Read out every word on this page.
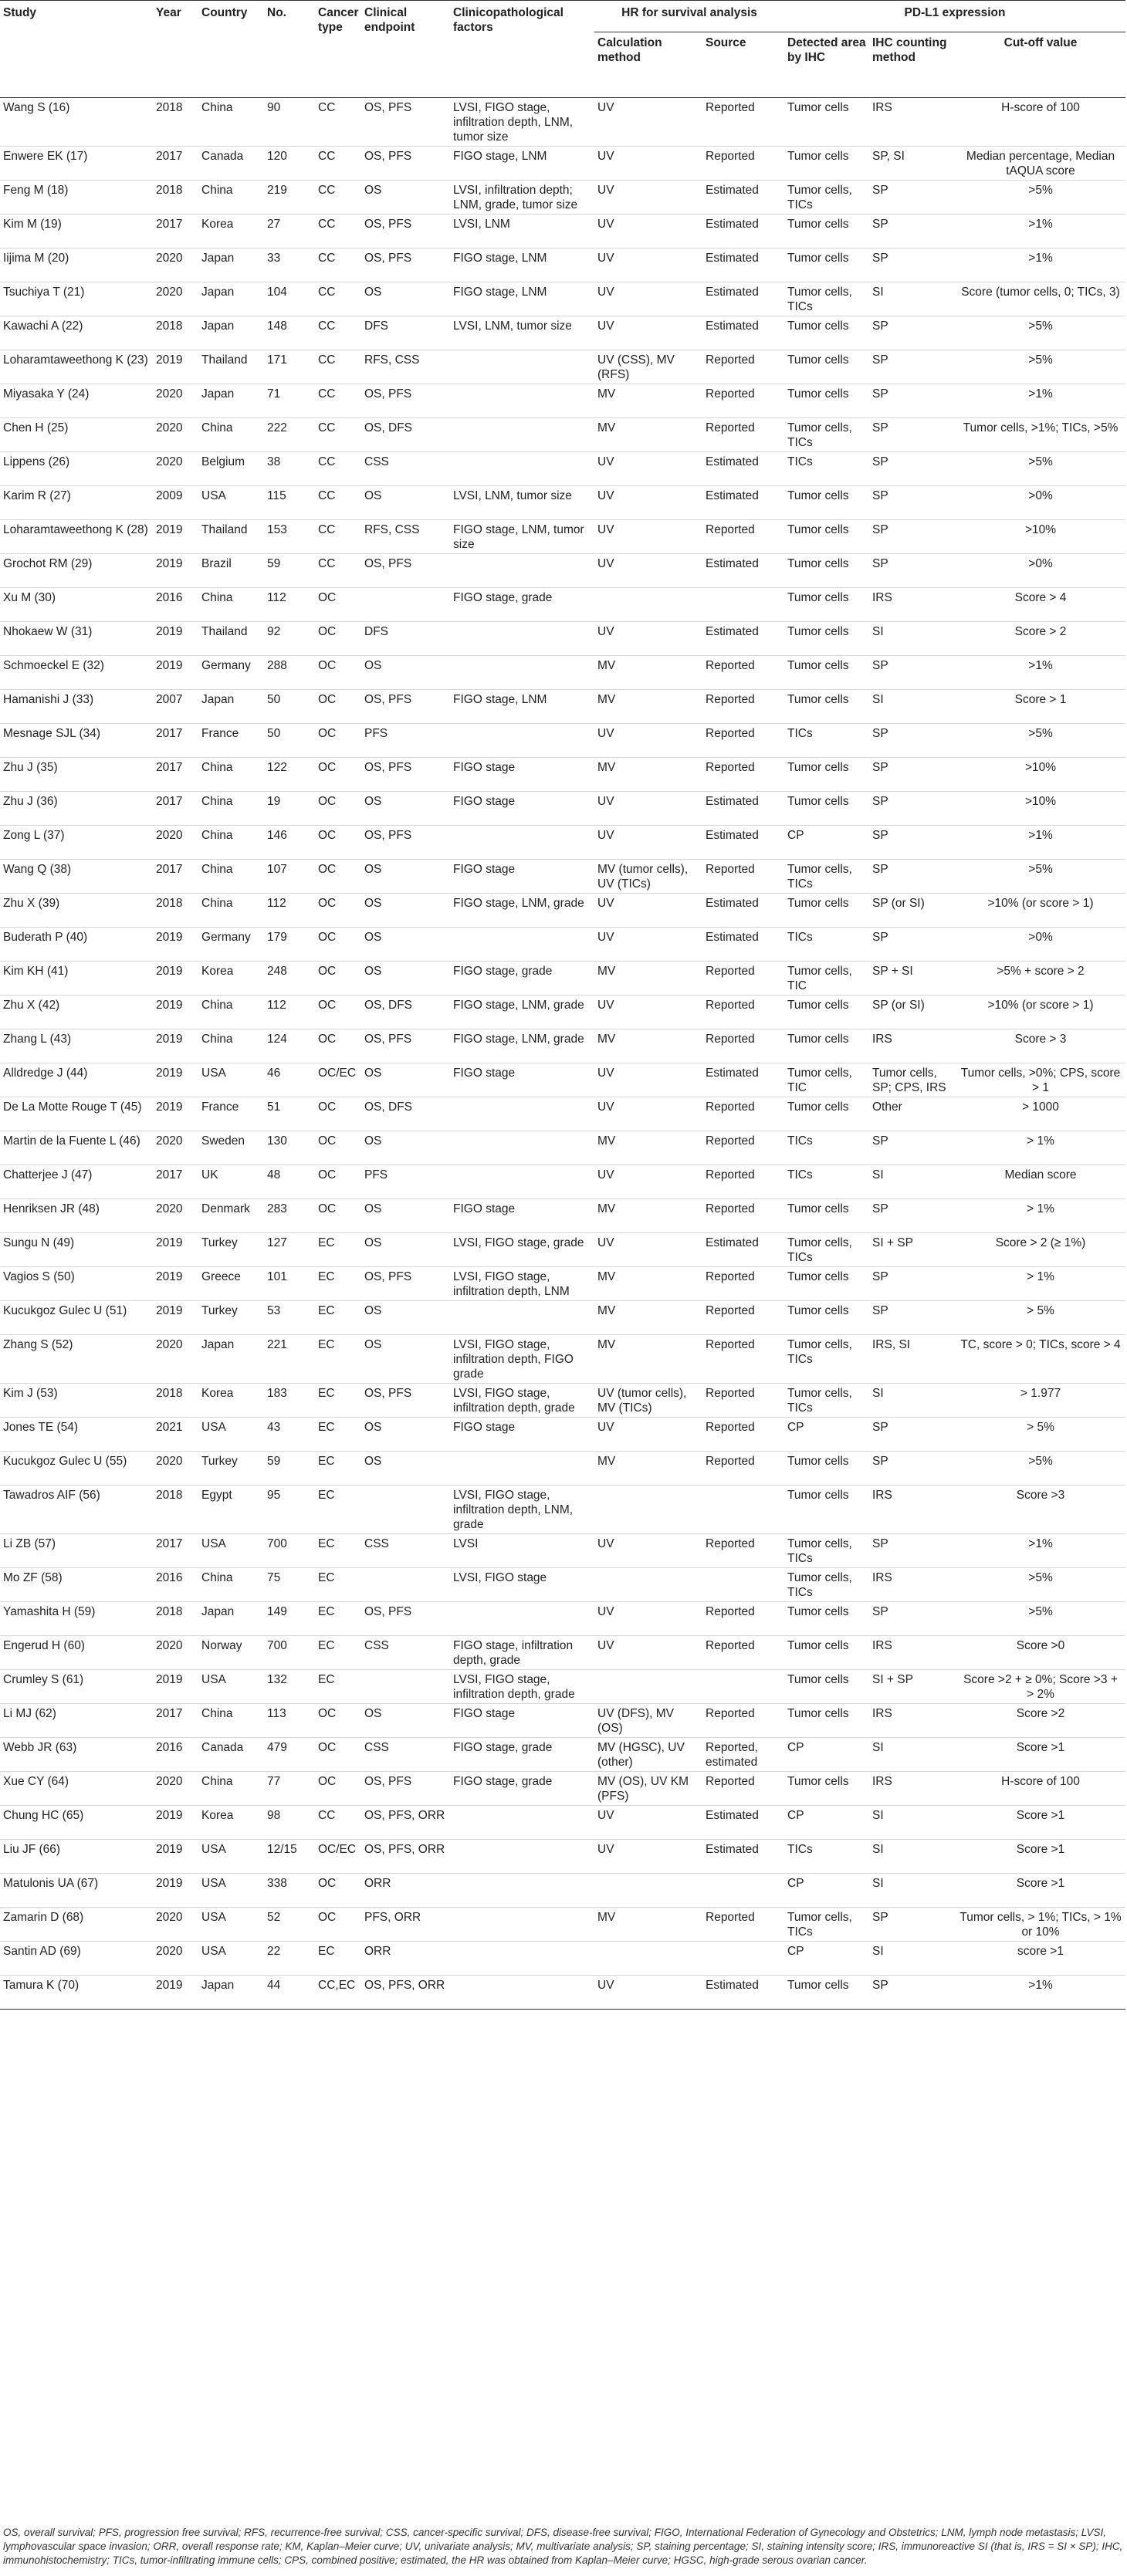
Study	Year	Country	No.	Cancer type	Clinical endpoint	Clinicopathological factors	HR for survival analysis		PD-L1 expression		
							Calculation method	Source	Detected area by IHC	IHC counting method	Cut-off value
Wang S (16)	2018	China	90	CC	OS, PFS	LVSI, FIGO stage, infiltration depth, LNM, tumor size	UV	Reported	Tumor cells	IRS	H-score of 100
Enwere EK (17)	2017	Canada	120	CC	OS, PFS	FIGO stage, LNM	UV	Reported	Tumor cells	SP, SI	Median percentage, Median tAQUA score
Feng M (18)	2018	China	219	CC	OS	LVSI, infiltration depth; LNM, grade, tumor size	UV	Estimated	Tumor cells, TICs	SP	>5%
Kim M (19)	2017	Korea	27	CC	OS, PFS	LVSI, LNM	UV	Estimated	Tumor cells	SP	>1%
Iijima M (20)	2020	Japan	33	CC	OS, PFS	FIGO stage, LNM	UV	Estimated	Tumor cells	SP	>1%
Tsuchiya T (21)	2020	Japan	104	CC	OS	FIGO stage, LNM	UV	Estimated	Tumor cells, TICs	SI	Score (tumor cells, 0; TICs, 3)
Kawachi A (22)	2018	Japan	148	CC	DFS	LVSI, LNM, tumor size	UV	Estimated	Tumor cells	SP	>5%
Loharamtaweethong K (23)	2019	Thailand	171	CC	RFS, CSS		UV (CSS), MV (RFS)	Reported	Tumor cells	SP	>5%
Miyasaka Y (24)	2020	Japan	71	CC	OS, PFS		MV	Reported	Tumor cells	SP	>1%
Chen H (25)	2020	China	222	CC	OS, DFS		MV	Reported	Tumor cells, TICs	SP	Tumor cells, >1%; TICs, >5%
Lippens (26)	2020	Belgium	38	CC	CSS		UV	Estimated	TICs	SP	>5%
Karim R (27)	2009	USA	115	CC	OS	LVSI, LNM, tumor size	UV	Estimated	Tumor cells	SP	>0%
Loharamtaweethong K (28)	2019	Thailand	153	CC	RFS, CSS	FIGO stage, LNM, tumor size	UV	Reported	Tumor cells	SP	>10%
Grochot RM (29)	2019	Brazil	59	CC	OS, PFS		UV	Estimated	Tumor cells	SP	>0%
Xu M (30)	2016	China	112	OC		FIGO stage, grade			Tumor cells	IRS	Score > 4
Nhokaew W (31)	2019	Thailand	92	OC	DFS		UV	Estimated	Tumor cells	SI	Score > 2
Schmoeckel E (32)	2019	Germany	288	OC	OS		MV	Reported	Tumor cells	SP	>1%
Hamanishi J (33)	2007	Japan	50	OC	OS, PFS	FIGO stage, LNM	MV	Reported	Tumor cells	SI	Score > 1
Mesnage SJL (34)	2017	France	50	OC	PFS		UV	Reported	TICs	SP	>5%
Zhu J (35)	2017	China	122	OC	OS, PFS	FIGO stage	MV	Reported	Tumor cells	SP	>10%
Zhu J (36)	2017	China	19	OC	OS	FIGO stage	UV	Estimated	Tumor cells	SP	>10%
Zong L (37)	2020	China	146	OC	OS, PFS		UV	Estimated	CP	SP	>1%
Wang Q (38)	2017	China	107	OC	OS	FIGO stage	MV (tumor cells), UV (TICs)	Reported	Tumor cells, TICs	SP	>5%
Zhu X (39)	2018	China	112	OC	OS	FIGO stage, LNM, grade	UV	Estimated	Tumor cells	SP (or SI)	>10% (or score > 1)
Buderath P (40)	2019	Germany	179	OC	OS		UV	Estimated	TICs	SP	>0%
Kim KH (41)	2019	Korea	248	OC	OS	FIGO stage, grade	MV	Reported	Tumor cells, TIC	SP + SI	>5% + score > 2
Zhu X (42)	2019	China	112	OC	OS, DFS	FIGO stage, LNM, grade	UV	Reported	Tumor cells	SP (or SI)	>10% (or score > 1)
Zhang L (43)	2019	China	124	OC	OS, PFS	FIGO stage, LNM, grade	MV	Reported	Tumor cells	IRS	Score > 3
Alldredge J (44)	2019	USA	46	OC/EC	OS	FIGO stage	UV	Estimated	Tumor cells, TIC	Tumor cells, SP; CPS, IRS	Tumor cells, >0%; CPS, score > 1
De La Motte Rouge T (45)	2019	France	51	OC	OS, DFS		UV	Reported	Tumor cells	Other	> 1000
Martin de la Fuente L (46)	2020	Sweden	130	OC	OS		MV	Reported	TICs	SP	> 1%
Chatterjee J (47)	2017	UK	48	OC	PFS		UV	Reported	TICs	SI	Median score
Henriksen JR (48)	2020	Denmark	283	OC	OS	FIGO stage	MV	Reported	Tumor cells	SP	> 1%
Sungu N (49)	2019	Turkey	127	EC	OS	LVSI, FIGO stage, grade	UV	Estimated	Tumor cells, TICs	SI + SP	Score > 2 (≥ 1%)
Vagios S (50)	2019	Greece	101	EC	OS, PFS	LVSI, FIGO stage, infiltration depth, LNM	MV	Reported	Tumor cells	SP	> 1%
Kucukgoz Gulec U (51)	2019	Turkey	53	EC	OS		MV	Reported	Tumor cells	SP	> 5%
Zhang S (52)	2020	Japan	221	EC	OS	LVSI, FIGO stage, infiltration depth, FIGO grade	MV	Reported	Tumor cells, TICs	IRS, SI	TC, score > 0; TICs, score > 4
Kim J (53)	2018	Korea	183	EC	OS, PFS	LVSI, FIGO stage, infiltration depth, grade	UV (tumor cells), MV (TICs)	Reported	Tumor cells, TICs	SI	> 1.977
Jones TE (54)	2021	USA	43	EC	OS	FIGO stage	UV	Reported	CP	SP	> 5%
Kucukgoz Gulec U (55)	2020	Turkey	59	EC	OS		MV	Reported	Tumor cells	SP	>5%
Tawadros AIF (56)	2018	Egypt	95	EC		LVSI, FIGO stage, infiltration depth, LNM, grade			Tumor cells	IRS	Score >3
Li ZB (57)	2017	USA	700	EC	CSS	LVSI	UV	Reported	Tumor cells, TICs	SP	>1%
Mo ZF (58)	2016	China	75	EC		LVSI, FIGO stage			Tumor cells, TICs	IRS	>5%
Yamashita H (59)	2018	Japan	149	EC	OS, PFS		UV	Reported	Tumor cells	SP	>5%
Engerud H (60)	2020	Norway	700	EC	CSS	FIGO stage, infiltration depth, grade	UV	Reported	Tumor cells	IRS	Score >0
Crumley S (61)	2019	USA	132	EC		LVSI, FIGO stage, infiltration depth, grade			Tumor cells	SI + SP	Score >2 + ≥ 0%; Score >3 + > 2%
Li MJ (62)	2017	China	113	OC	OS	FIGO stage	UV (DFS), MV (OS)	Reported	Tumor cells	IRS	Score >2
Webb JR (63)	2016	Canada	479	OC	CSS	FIGO stage, grade	MV (HGSC), UV (other)	Reported, estimated	CP	SI	Score >1
Xue CY (64)	2020	China	77	OC	OS, PFS	FIGO stage, grade	MV (OS), UV KM (PFS)	Reported	Tumor cells	IRS	H-score of 100
Chung HC (65)	2019	Korea	98	CC	OS, PFS, ORR		UV	Estimated	CP	SI	Score >1
Liu JF (66)	2019	USA	12/15	OC/EC	OS, PFS, ORR		UV	Estimated	TICs	SI	Score >1
Matulonis UA (67)	2019	USA	338	OC	ORR				CP	SI	Score >1
Zamarin D (68)	2020	USA	52	OC	PFS, ORR		MV	Reported	Tumor cells, TICs	SP	Tumor cells, > 1%; TICs, > 1% or 10%
Santin AD (69)	2020	USA	22	EC	ORR				CP	SI	score >1
Tamura K (70)	2019	Japan	44	CC,EC	OS, PFS, ORR		UV	Estimated	Tumor cells	SP	>1%
OS, overall survival; PFS, progression free survival; RFS, recurrence-free survival; CSS, cancer-specific survival; DFS, disease-free survival; FIGO, International Federation of Gynecology and Obstetrics; LNM, lymph node metastasis; LVSI, lymphovascular space invasion; ORR, overall response rate; KM, Kaplan–Meier curve; UV, univariate analysis; MV, multivariate analysis; SP, staining percentage; SI, staining intensity score; IRS, immunoreactive SI (that is, IRS = SI × SP); IHC, immunohistochemistry; TICs, tumor-infiltrating immune cells; CPS, combined positive; estimated, the HR was obtained from Kaplan–Meier curve; HGSC, high-grade serous ovarian cancer.
